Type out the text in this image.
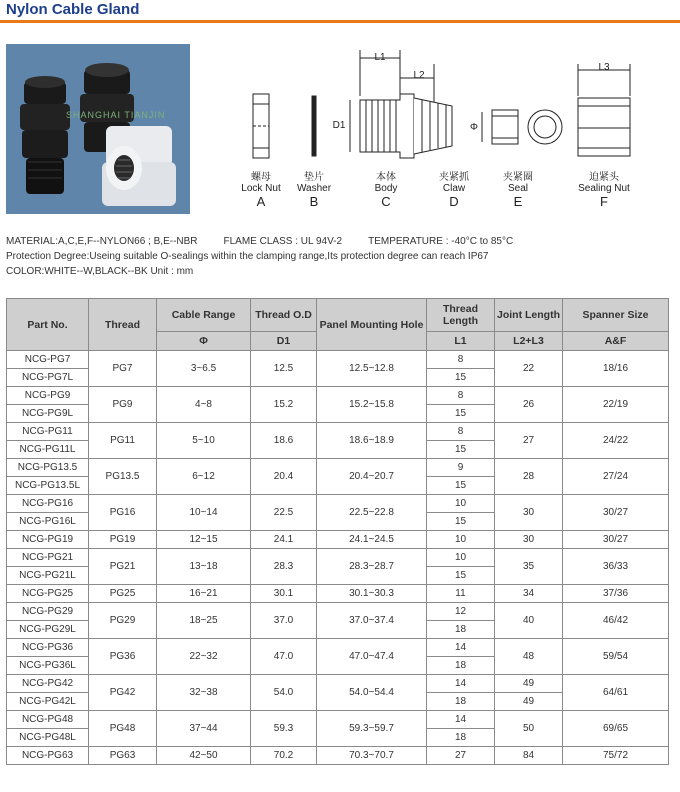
Nylon Cable Gland
SHANGHAI TIANJIN
L1
L2
L3
D1	Φ
螺母
Lock Nut
A
垫片
Washer
B
本体
Body
C
夹紧抓
Claw
D
夹紧圈
Seal
E
迫紧头
Sealing Nut
F
MATERIAL:A,C,E,F--NYLON66 ; B,E--NBR	FLAME CLASS : UL 94V-2	TEMPERATURE : -40°C to 85°C
Protection Degree:Useing suitable O-sealings within the clamping range,Its protection degree can reach IP67
COLOR:WHITE--W,BLACK--BK Unit : mm
Part No.	Thread	Cable Range	Thread O.D	Panel Mounting Hole	Thread Length	Joint Length	Spanner Size
		Φ	D1		L1	L2+L3	A&F
NCG-PG7	PG7	3~6.5	12.5	12.5~12.8	8	22	18/16
NCG-PG7L					15		
NCG-PG9	PG9	4~8	15.2	15.2~15.8	8	26	22/19
NCG-PG9L					15		
NCG-PG11	PG11	5~10	18.6	18.6~18.9	8	27	24/22
NCG-PG11L					15		
NCG-PG13.5	PG13.5	6~12	20.4	20.4~20.7	9	28	27/24
NCG-PG13.5L					15		
NCG-PG16	PG16	10~14	22.5	22.5~22.8	10	30	30/27
NCG-PG16L					15		
NCG-PG19	PG19	12~15	24.1	24.1~24.5	10	30	30/27
NCG-PG21	PG21	13~18	28.3	28.3~28.7	10	35	36/33
NCG-PG21L					15		
NCG-PG25	PG25	16~21	30.1	30.1~30.3	11	34	37/36
NCG-PG29	PG29	18~25	37.0	37.0~37.4	12	40	46/42
NCG-PG29L					18		
NCG-PG36	PG36	22~32	47.0	47.0~47.4	14	48	59/54
NCG-PG36L					18		
NCG-PG42	PG42	32~38	54.0	54.0~54.4	14	49	64/61
NCG-PG42L					18	49	
NCG-PG48	PG48	37~44	59.3	59.3~59.7	14	50	69/65
NCG-PG48L					18		
NCG-PG63	PG63	42~50	70.2	70.3~70.7	27	84	75/72
